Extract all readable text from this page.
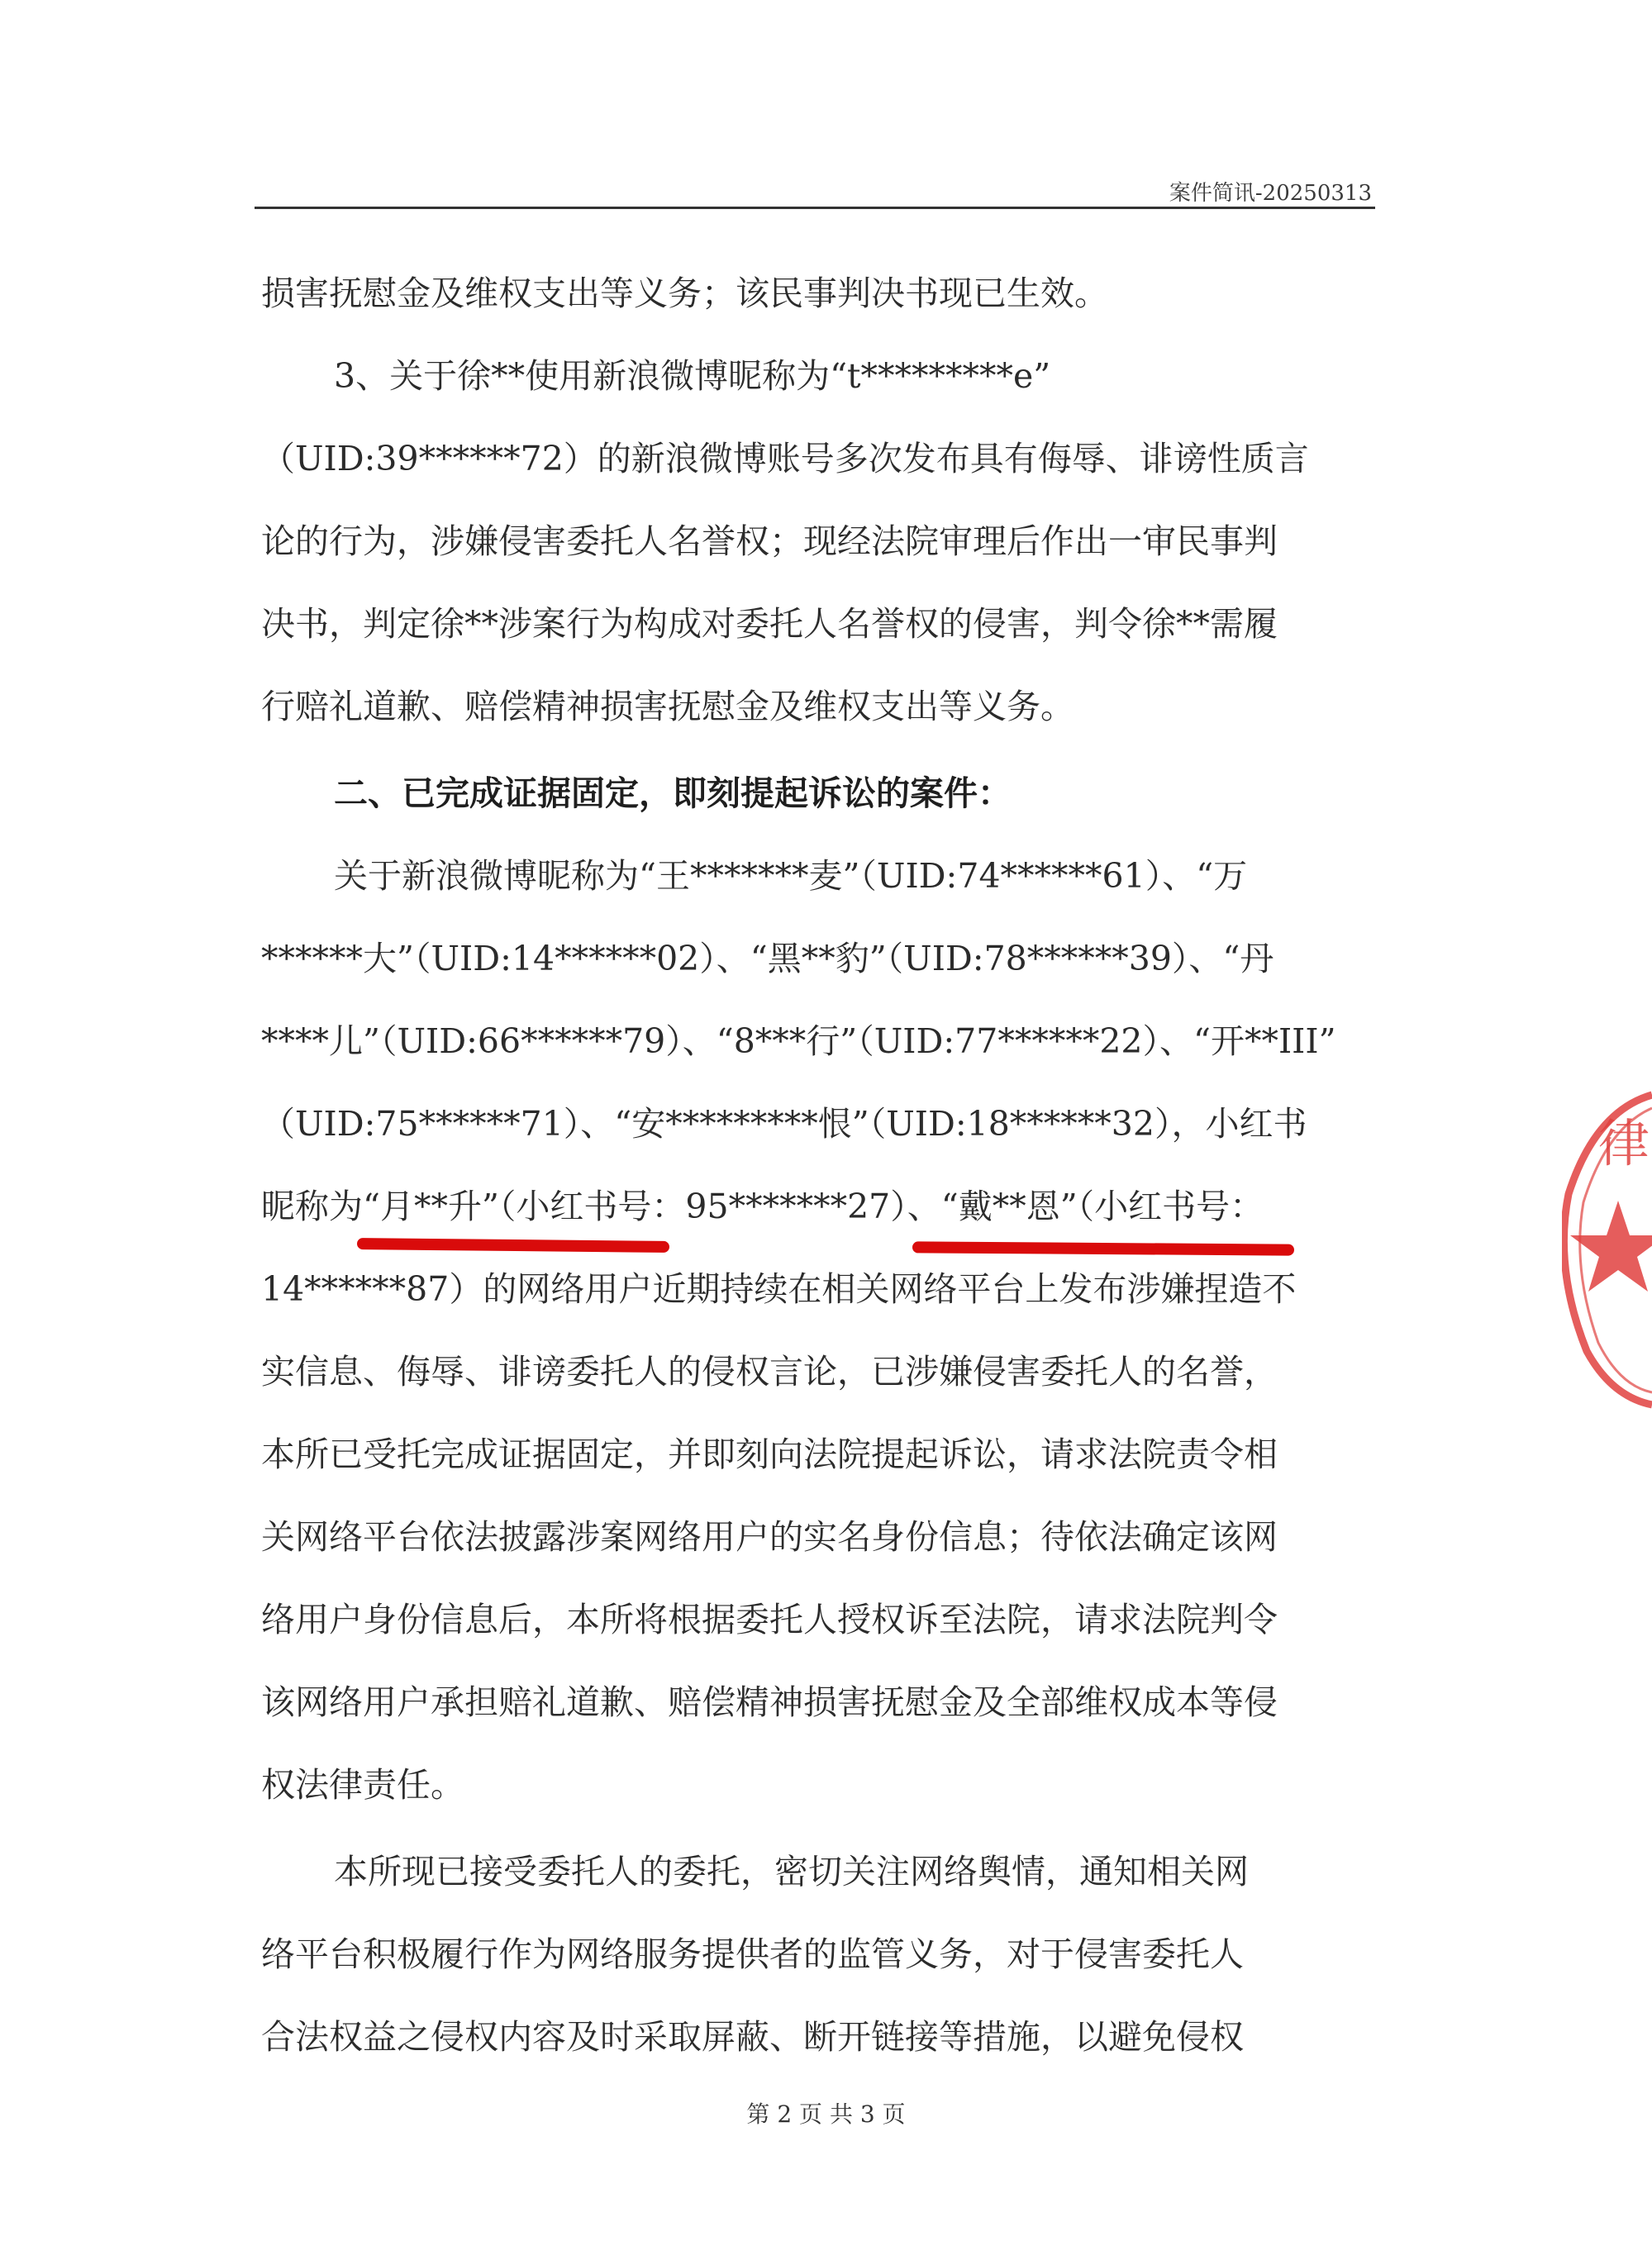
案件简讯-20250313
损害抚慰金及维权支出等义务；该民事判决书现已生效。
3、关于徐**使用新浪微博昵称为“t*********e”
（UID:39******72）的新浪微博账号多次发布具有侮辱、诽谤性质言
论的行为，涉嫌侵害委托人名誉权；现经法院审理后作出一审民事判
决书，判定徐**涉案行为构成对委托人名誉权的侵害，判令徐**需履
行赔礼道歉、赔偿精神损害抚慰金及维权支出等义务。
二、已完成证据固定，即刻提起诉讼的案件：
关于新浪微博昵称为“王*******麦”（UID:74******61）、“万
******大”（UID:14******02）、“黑**豹”（UID:78******39）、“丹
****儿”（UID:66******79）、“8***行”（UID:77******22）、“开**III”
（UID:75******71）、“安*********恨”（UID:18******32），小红书
昵称为“月**升”（小红书号：95*******27）、“戴**恩”（小红书号：
14******87）的网络用户近期持续在相关网络平台上发布涉嫌捏造不
实信息、侮辱、诽谤委托人的侵权言论，已涉嫌侵害委托人的名誉，
本所已受托完成证据固定，并即刻向法院提起诉讼，请求法院责令相
关网络平台依法披露涉案网络用户的实名身份信息；待依法确定该网
络用户身份信息后，本所将根据委托人授权诉至法院，请求法院判令
该网络用户承担赔礼道歉、赔偿精神损害抚慰金及全部维权成本等侵
权法律责任。
本所现已接受委托人的委托，密切关注网络舆情，通知相关网
络平台积极履行作为网络服务提供者的监管义务，对于侵害委托人
合法权益之侵权内容及时采取屏蔽、断开链接等措施，以避免侵权
律
第 2 页 共 3 页
